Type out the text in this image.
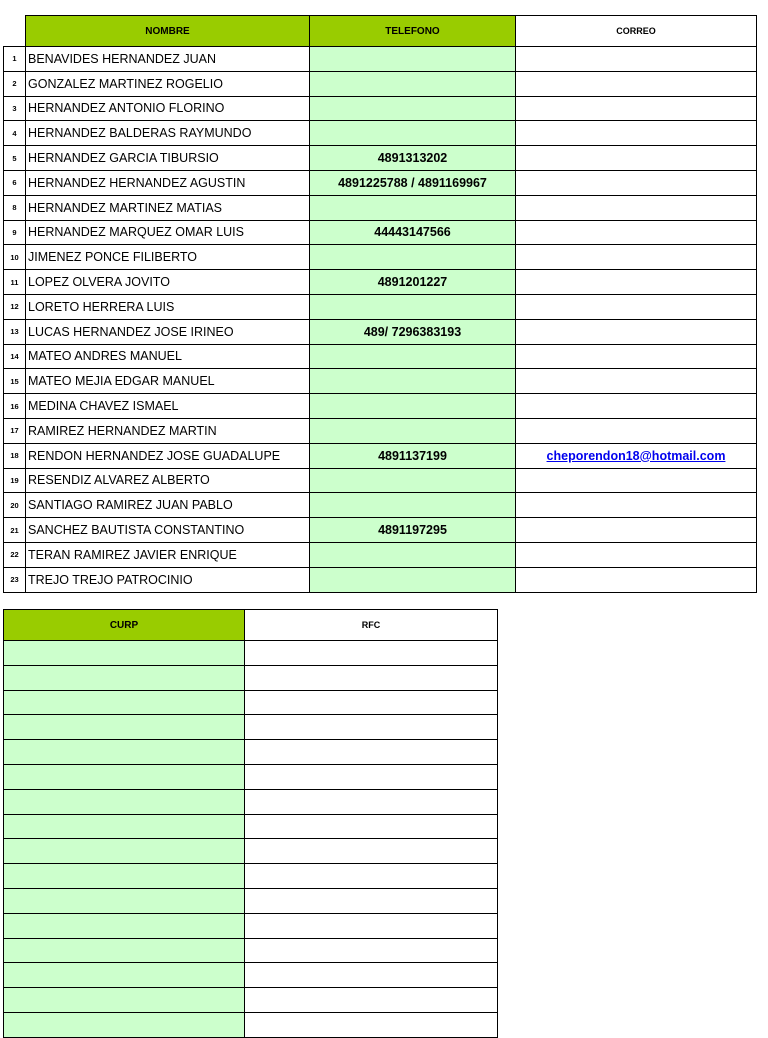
	NOMBRE	TELEFONO	CORREO
1	BENAVIDES HERNANDEZ JUAN		
2	GONZALEZ MARTINEZ ROGELIO		
3	HERNANDEZ ANTONIO FLORINO		
4	HERNANDEZ BALDERAS RAYMUNDO		
5	HERNANDEZ GARCIA TIBURSIO	4891313202	
6	HERNANDEZ HERNANDEZ AGUSTIN	4891225788 / 4891169967	
8	HERNANDEZ MARTINEZ MATIAS		
9	HERNANDEZ MARQUEZ OMAR LUIS	44443147566	
10	JIMENEZ PONCE FILIBERTO		
11	LOPEZ OLVERA JOVITO	4891201227	
12	LORETO HERRERA LUIS		
13	LUCAS HERNANDEZ JOSE IRINEO	489/ 7296383193	
14	MATEO ANDRES MANUEL		
15	MATEO MEJIA EDGAR MANUEL		
16	MEDINA CHAVEZ ISMAEL		
17	RAMIREZ HERNANDEZ MARTIN		
18	RENDON HERNANDEZ JOSE GUADALUPE	4891137199	cheporendon18@hotmail.com
19	RESENDIZ ALVAREZ ALBERTO		
20	SANTIAGO RAMIREZ JUAN PABLO		
21	SANCHEZ BAUTISTA CONSTANTINO	4891197295	
22	TERAN RAMIREZ JAVIER ENRIQUE		
23	TREJO TREJO PATROCINIO		
CURP	RFC
